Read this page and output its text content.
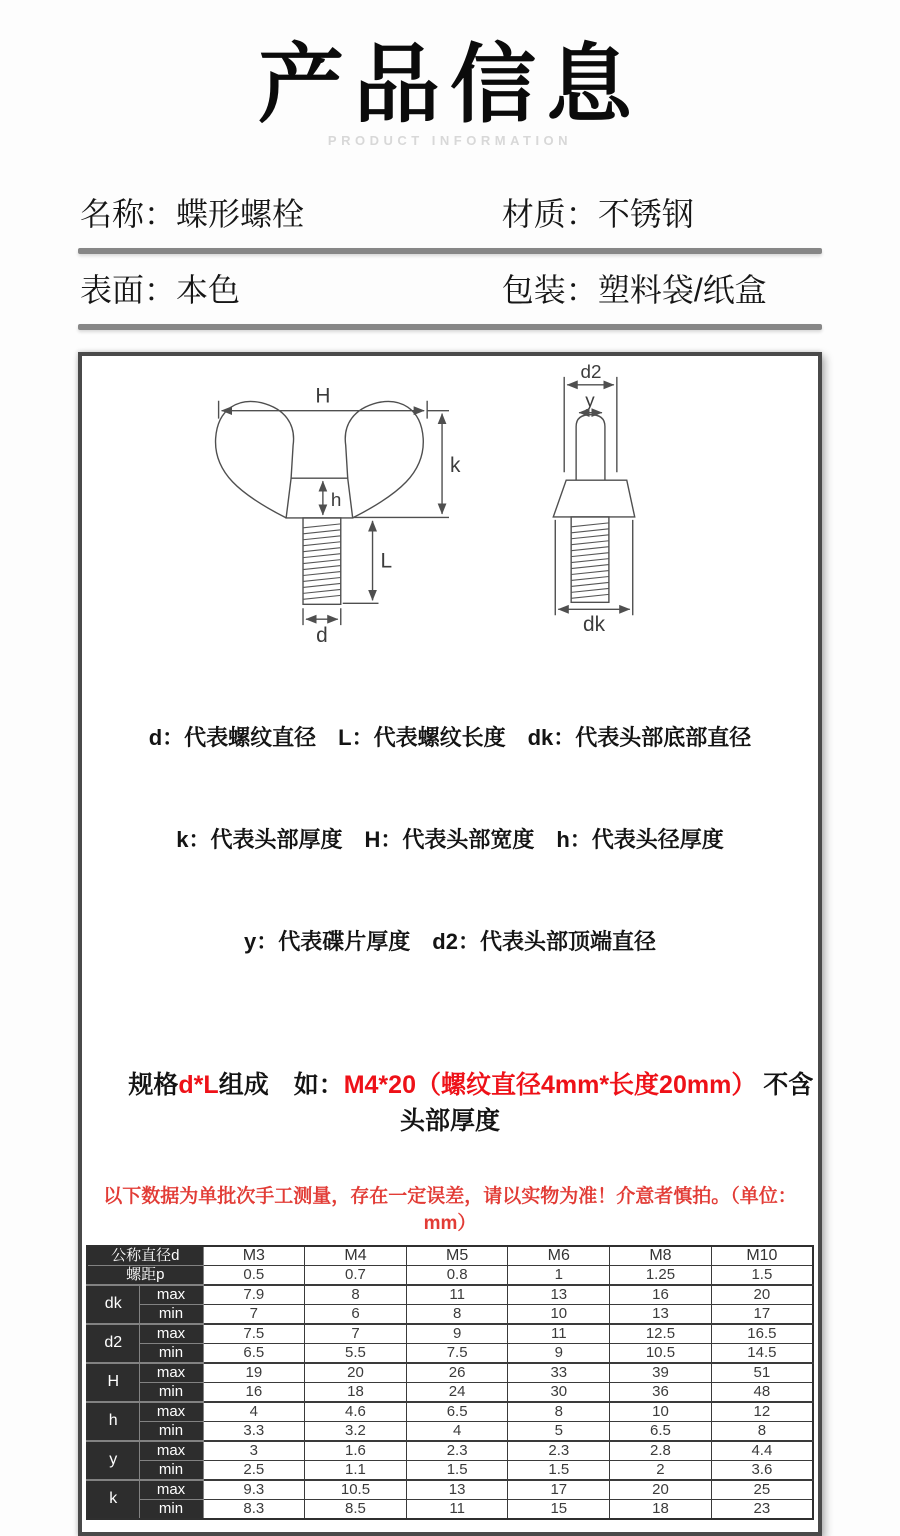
产品信息
PRODUCT INFORMATION
名称： 蝶形螺栓	材质： 不锈钢
表面： 本色	包装： 塑料袋/纸盒
H
h
k
L
d
d2
y
dk

d：代表螺纹直径　L：代表螺纹长度　dk：代表头部底部直径

k：代表头部厚度　H：代表头部宽度　h：代表头径厚度

y：代表碟片厚度　d2：代表头部顶端直径

规格d*L组成　如：M4*20（螺纹直径4mm*长度20mm） 不含头部厚度

以下数据为单批次手工测量，存在一定误差，请以实物为准！介意者慎拍。（单位：mm）
公称直径d		M3	M4	M5	M6	M8	M10
螺距p		0.5	0.7	0.8	1	1.25	1.5
dk	max	7.9	8	11	13	16	20
	min	7	6	8	10	13	17
d2	max	7.5	7	9	11	12.5	16.5
	min	6.5	5.5	7.5	9	10.5	14.5
H	max	19	20	26	33	39	51
	min	16	18	24	30	36	48
h	max	4	4.6	6.5	8	10	12
	min	3.3	3.2	4	5	6.5	8
y	max	3	1.6	2.3	2.3	2.8	4.4
	min	2.5	1.1	1.5	1.5	2	3.6
k	max	9.3	10.5	13	17	20	25
	min	8.3	8.5	11	15	18	23
